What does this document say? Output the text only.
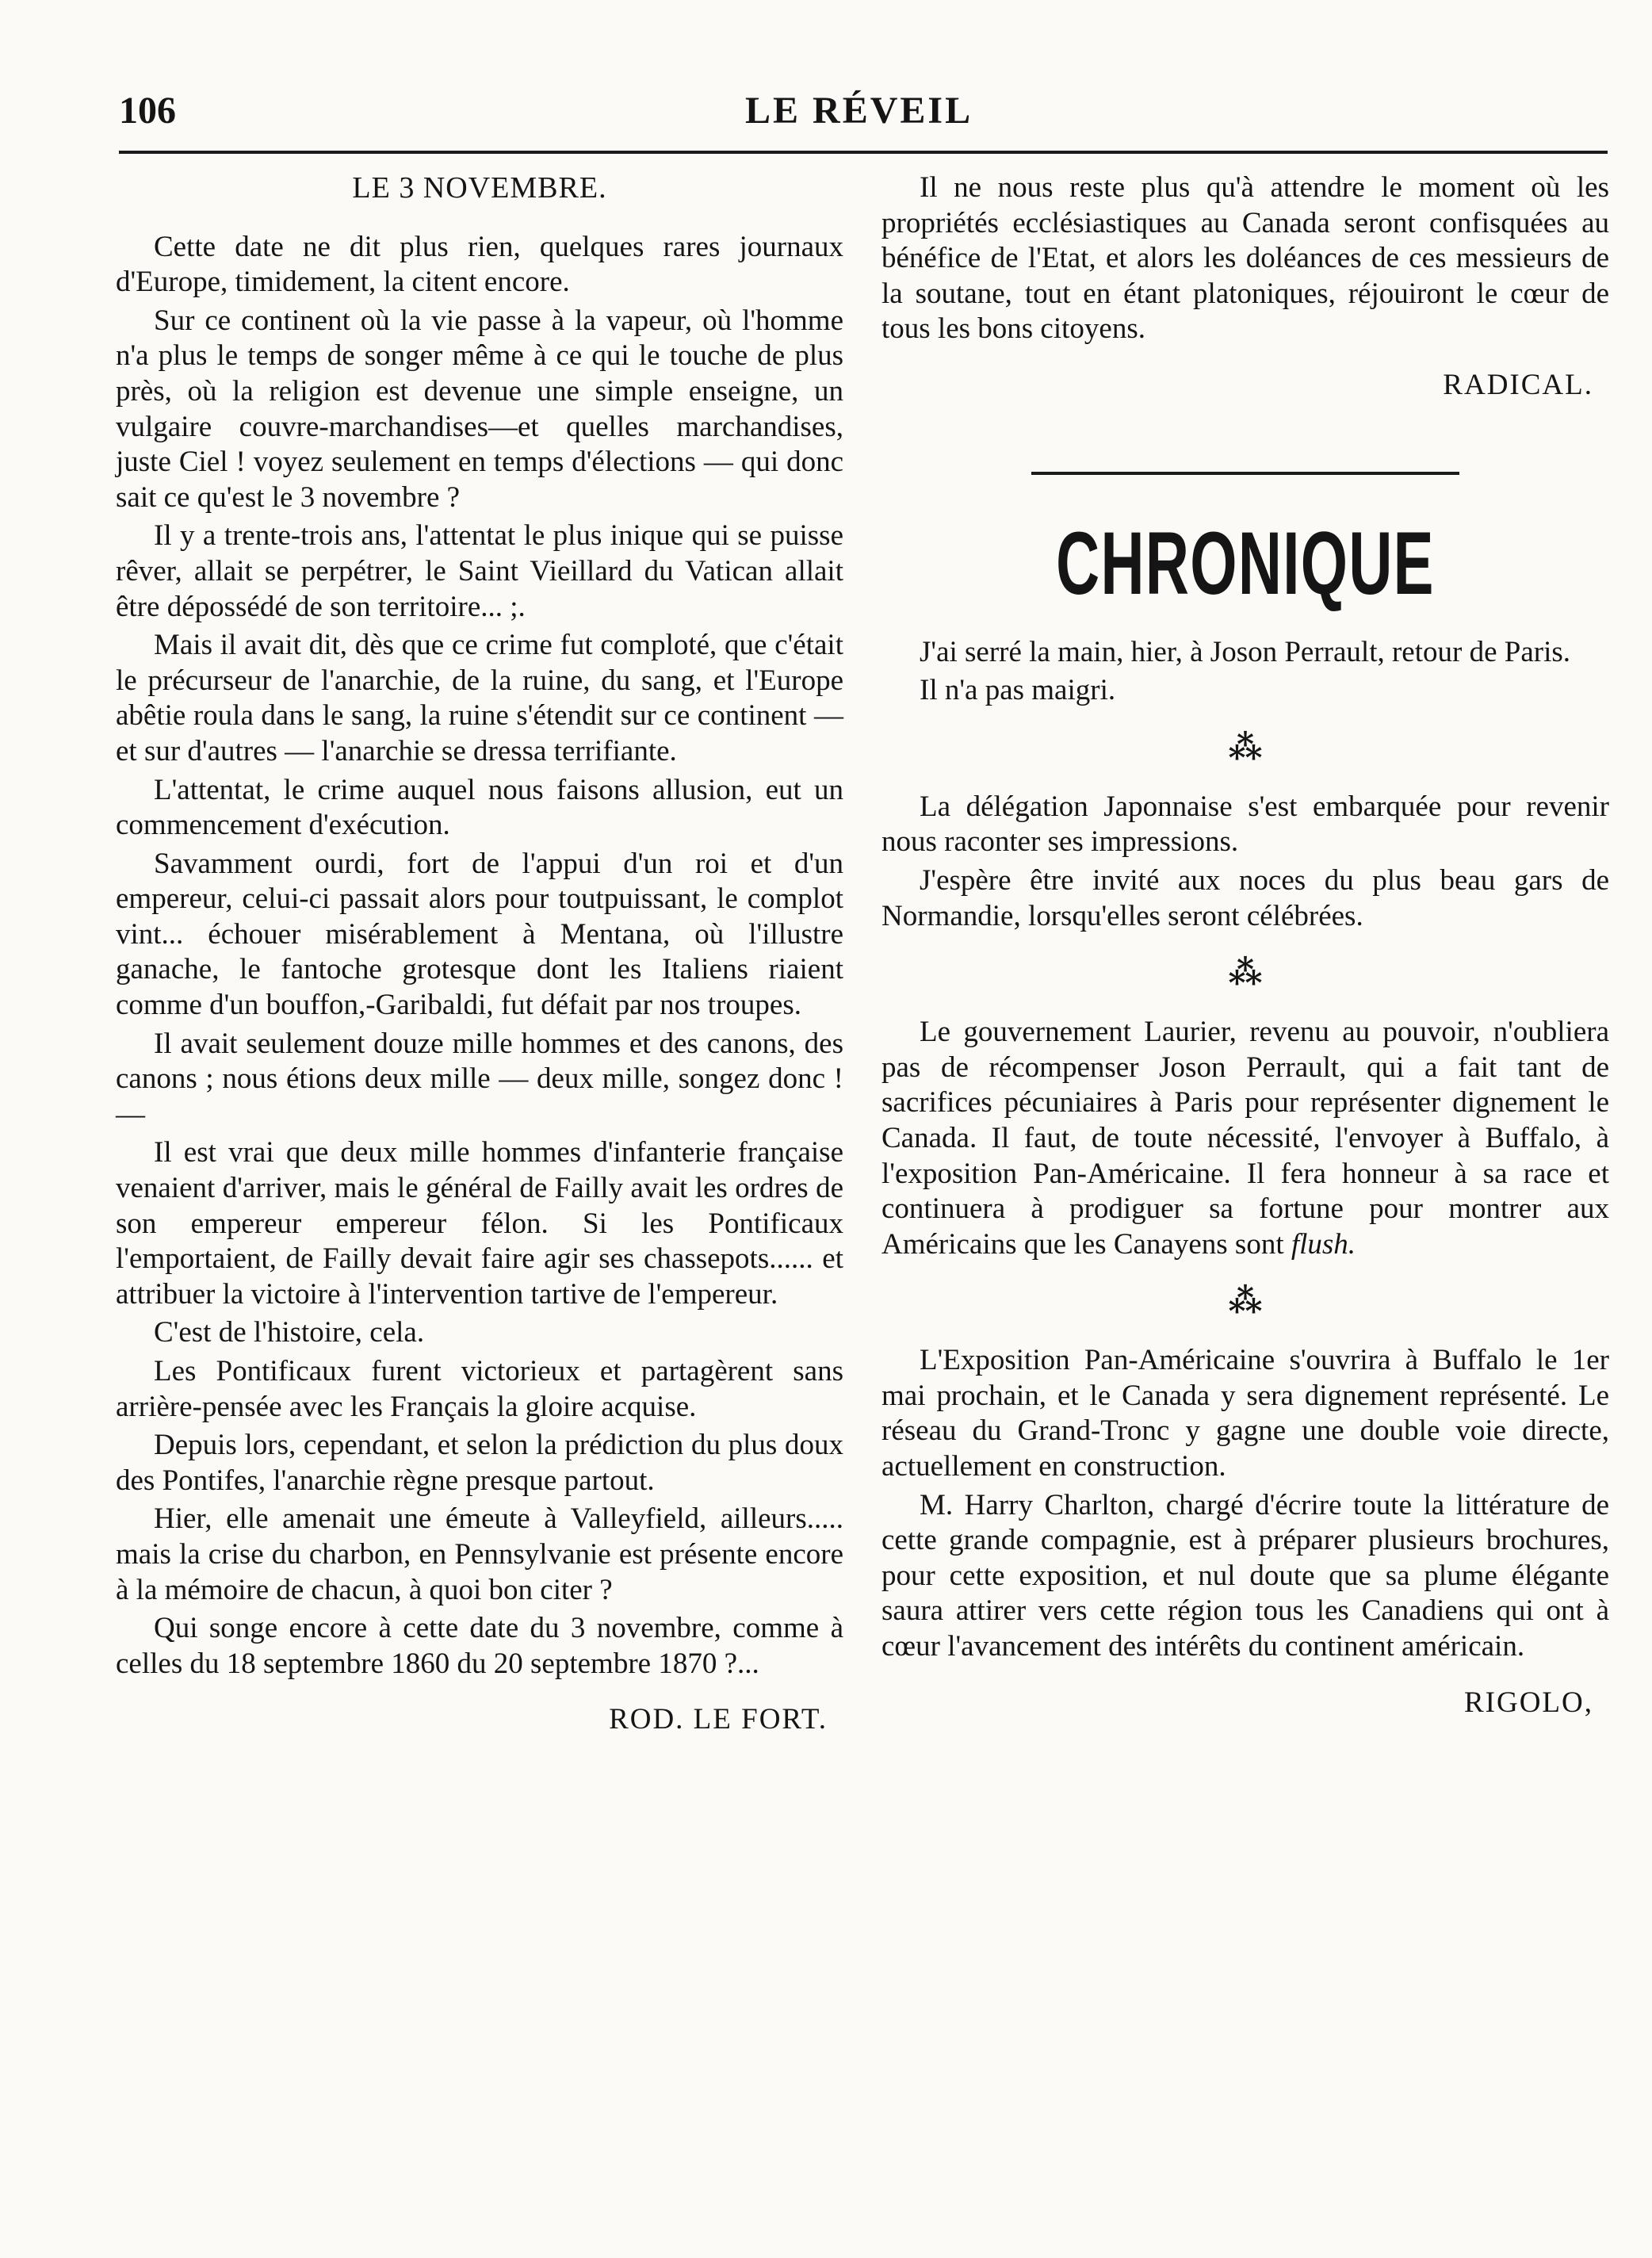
106	LE RÉVEIL
LE 3 NOVEMBRE.

Cette date ne dit plus rien, quelques rares journaux d'Europe, timidement, la citent encore.

Sur ce continent où la vie passe à la vapeur, où l'homme n'a plus le temps de songer même à ce qui le touche de plus près, où la religion est devenue une simple enseigne, un vulgaire couvre-marchandises—et quelles marchandises, juste Ciel ! voyez seulement en temps d'élections — qui donc sait ce qu'est le 3 novembre ?

Il y a trente-trois ans, l'attentat le plus inique qui se puisse rêver, allait se perpétrer, le Saint Vieillard du Vatican allait être dépossédé de son territoire... ;.

Mais il avait dit, dès que ce crime fut comploté, que c'était le précurseur de l'anarchie, de la ruine, du sang, et l'Europe abêtie roula dans le sang, la ruine s'étendit sur ce continent — et sur d'autres — l'anarchie se dressa terrifiante.

L'attentat, le crime auquel nous faisons allusion, eut un commencement d'exécution.

Savamment ourdi, fort de l'appui d'un roi et d'un empereur, celui-ci passait alors pour toutpuissant, le complot vint... échouer misérablement à Mentana, où l'illustre ganache, le fantoche grotesque dont les Italiens riaient comme d'un bouffon,-Garibaldi, fut défait par nos troupes.

Il avait seulement douze mille hommes et des canons, des canons ; nous étions deux mille — deux mille, songez donc ! —

Il est vrai que deux mille hommes d'infanterie française venaient d'arriver, mais le général de Failly avait les ordres de son empereur empereur félon. Si les Pontificaux l'emportaient, de Failly devait faire agir ses chassepots...... et attribuer la victoire à l'intervention tartive de l'empereur.

C'est de l'histoire, cela.

Les Pontificaux furent victorieux et partagèrent sans arrière-pensée avec les Français la gloire acquise.

Depuis lors, cependant, et selon la prédiction du plus doux des Pontifes, l'anarchie règne presque partout.

Hier, elle amenait une émeute à Valleyfield, ailleurs..... mais la crise du charbon, en Pennsylvanie est présente encore à la mémoire de chacun, à quoi bon citer ?

Qui songe encore à cette date du 3 novembre, comme à celles du 18 septembre 1860 du 20 septembre 1870 ?...

ROD. LE FORT.

Il ne nous reste plus qu'à attendre le moment où les propriétés ecclésiastiques au Canada seront confisquées au bénéfice de l'Etat, et alors les doléances de ces messieurs de la soutane, tout en étant platoniques, réjouiront le cœur de tous les bons citoyens.

RADICAL.
CHRONIQUE

J'ai serré la main, hier, à Joson Perrault, retour de Paris.

Il n'a pas maigri.

⁂

La délégation Japonnaise s'est embarquée pour revenir nous raconter ses impressions.

J'espère être invité aux noces du plus beau gars de Normandie, lorsqu'elles seront célébrées.

⁂

Le gouvernement Laurier, revenu au pouvoir, n'oubliera pas de récompenser Joson Perrault, qui a fait tant de sacrifices pécuniaires à Paris pour représenter dignement le Canada. Il faut, de toute nécessité, l'envoyer à Buffalo, à l'exposition Pan-Américaine. Il fera honneur à sa race et continuera à prodiguer sa fortune pour montrer aux Américains que les Canayens sont flush.

⁂

L'Exposition Pan-Américaine s'ouvrira à Buffalo le 1er mai prochain, et le Canada y sera dignement représenté. Le réseau du Grand-Tronc y gagne une double voie directe, actuellement en construction.

M. Harry Charlton, chargé d'écrire toute la littérature de cette grande compagnie, est à préparer plusieurs brochures, pour cette exposition, et nul doute que sa plume élégante saura attirer vers cette région tous les Canadiens qui ont à cœur l'avancement des intérêts du continent américain.

RIGOLO,
